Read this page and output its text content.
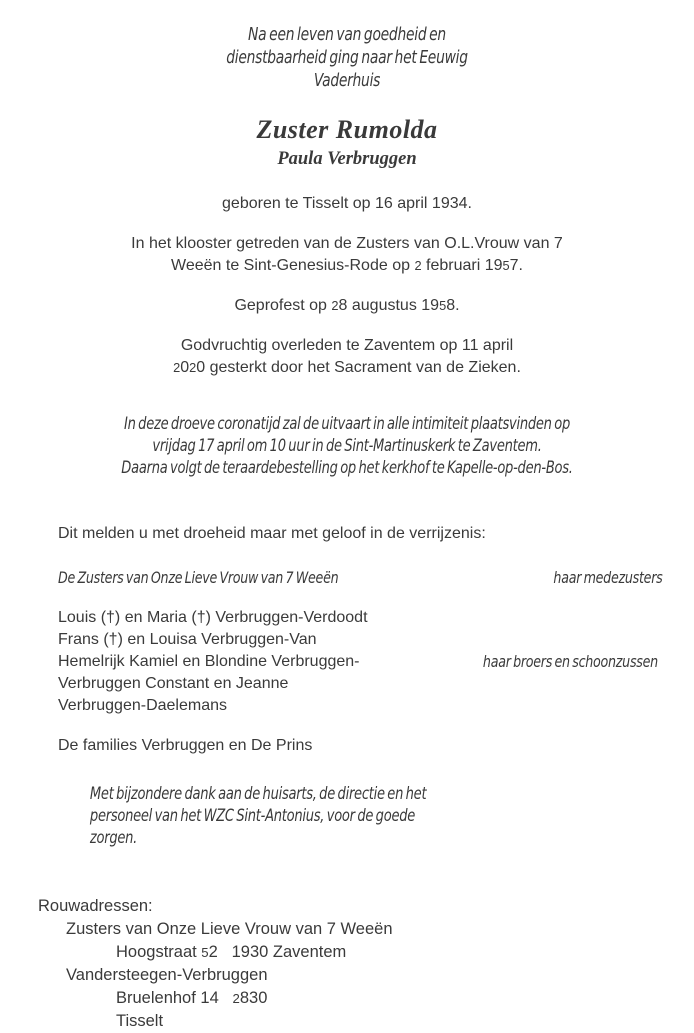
Na een leven van goedheid en
dienstbaarheid ging naar het Eeuwig
Vaderhuis
Zuster Rumolda
Paula Verbruggen

geboren te Tisselt op 16 april 1934.

In het klooster getreden van de Zusters van O.L.Vrouw van 7
Weeën te Sint-Genesius-Rode op 2 februari 1957.

Geprofest op 28 augustus 1958.

Godvruchtig overleden te Zaventem op 11 april
2020 gesterkt door het Sacrament van de Zieken.

In deze droeve coronatijd zal de uitvaart in alle intimiteit plaatsvinden op
vrijdag 17 april om 10 uur in de Sint-Martinuskerk te Zaventem.
Daarna volgt de teraardebestelling op het kerkhof te Kapelle-op-den-Bos.
Dit melden u met droeheid maar met geloof in de verrijzenis:
De Zusters van Onze Lieve Vrouw van 7 Weeën	haar medezusters
Louis (†) en Maria (†) Verbruggen-Verdoodt
Frans (†) en Louisa Verbruggen-Van
Hemelrijk Kamiel en Blondine Verbruggen-
Verbruggen Constant en Jeanne
Verbruggen-Daelemans
haar broers en schoonzussen
De families Verbruggen en De Prins
Met bijzondere dank aan de huisarts, de directie en het
personeel van het WZC Sint-Antonius, voor de goede
zorgen.
Rouwadressen:
Zusters van Onze Lieve Vrouw van 7 Weeën
Hoogstraat 52 1930 Zaventem
Vandersteegen-Verbruggen
Bruelenhof 14 2830
Tisselt
